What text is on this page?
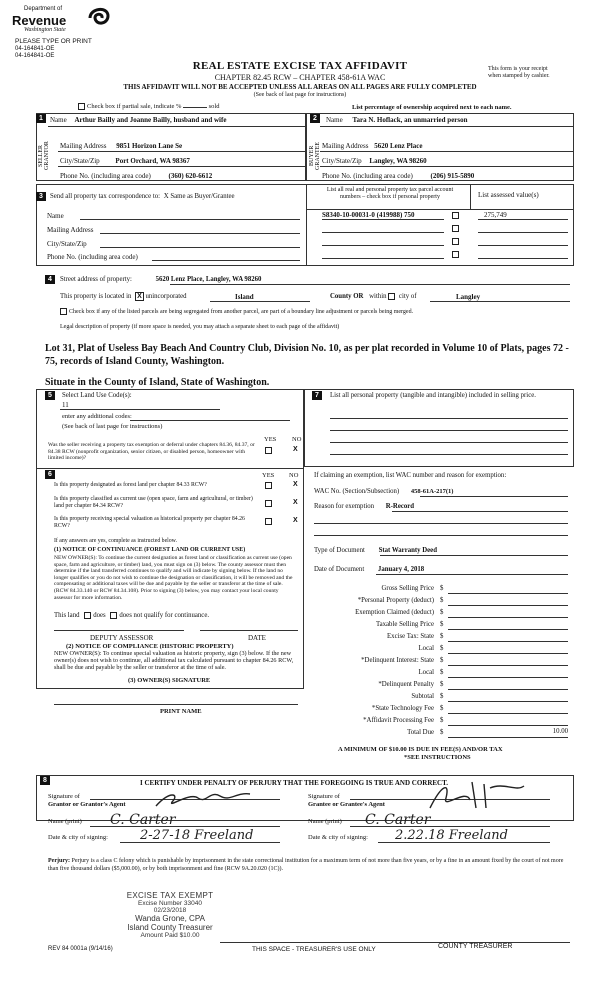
Department of
Revenue
Washington State
PLEASE TYPE OR PRINT
04-164841-OE
04-164841-OE
REAL ESTATE EXCISE TAX AFFIDAVIT
CHAPTER 82.45 RCW – CHAPTER 458-61A WAC
THIS AFFIDAVIT WILL NOT BE ACCEPTED UNLESS ALL AREAS ON ALL PAGES ARE FULLY COMPLETED
(See back of last page for instructions)
This form is your receipt
when stamped by cashier.
Check box if partial sale, indicate %	sold	List percentage of ownership acquired next to each name.
1
SELLER GRANTOR
Name Arthur Bailly and Joanne Bailly, husband and wife
Mailing Address 9851 Horizon Lane Se
City/State/Zip Port Orchard, WA 98367
Phone No. (including area code)	(360) 620-6612
2
BUYER GRANTEE
Name Tara N. Hoflack, an unmarried person
Mailing Address 5620 Lenz Place
City/State/Zip Langley, WA 98260
Phone No. (including area code)	(206) 915-5890
3	Send all property tax correspondence to: X Same as Buyer/Grantee
Name
Mailing Address
City/State/Zip
Phone No. (including area code)
List all real and personal property tax parcel account
numbers – check box if personal property	List assessed value(s)
S8340-10-00031-0 (419988) 750	275,749
4	Street address of property:	5620 Lenz Place, Langley, WA 98260
This property is located in X unincorporated	Island	County OR within city of	Langley
Check box if any of the listed parcels are being segregated from another parcel, are part of a boundary line adjustment or parcels being merged.
Legal description of property (if more space is needed, you may attach a separate sheet to each page of the affidavit)
Lot 31, Plat of Useless Bay Beach And Country Club, Division No. 10, as per plat recorded in Volume 10 of Plats, pages 72 - 75, records of Island County, Washington.
Situate in the County of Island, State of Washington.
5	Select Land Use Code(s):
11
enter any additional codes:
(See back of last page for instructions)
YES NO
Was the seller receiving a property tax exemption or deferral under chapters 84.36, 84.37, or 84.38 RCW (nonprofit organization, senior citizen, or disabled person, homeowner with limited income)?
X
6	YES NO
Is this property designated as forest land per chapter 84.33 RCW?	X
Is this property classified as current use (open space, farm and agricultural, or timber) land per chapter 84.34 RCW?	X
Is this property receiving special valuation as historical property per chapter 84.26 RCW?
X
If any answers are yes, complete as instructed below.
(1) NOTICE OF CONTINUANCE (FOREST LAND OR CURRENT USE)
NEW OWNER(S): To continue the current designation as forest land or classification as current use (open space, farm and agriculture, or timber) land, you must sign on (3) below. The county assessor must then determine if the land transferred continues to qualify and will indicate by signing below. If the land no longer qualifies or you do not wish to continue the designation or classification, it will be removed and the compensating or additional taxes will be due and payable by the seller or transferor at the time of sale. (RCW 84.33.140 or RCW 84.34.108). Prior to signing (3) below, you may contact your local county assessor for more information.
This land does does not qualify for continuance.
DEPUTY ASSESSOR	DATE
(2) NOTICE OF COMPLIANCE (HISTORIC PROPERTY)
NEW OWNER(S): To continue special valuation as historic property, sign (3) below. If the new owner(s) does not wish to continue, all additional tax calculated pursuant to chapter 84.26 RCW, shall be due and payable by the seller or transferor at the time of sale.
(3) OWNER(S) SIGNATURE
PRINT NAME
7	List all personal property (tangible and intangible) included in selling price.
If claiming an exemption, list WAC number and reason for exemption:
WAC No. (Section/Subsection) 458-61A-217(1)
Reason for exemption R-Record
Type of Document Stat Warranty Deed
Date of Document January 4, 2018
Gross Selling Price $
*Personal Property (deduct) $
Exemption Claimed (deduct) $
Taxable Selling Price $
Excise Tax: State $
Local $
*Delinquent Interest: State $
Local $
*Delinquent Penalty $
Subtotal $
*State Technology Fee $
*Affidavit Processing Fee $
Total Due $	10.00
A MINIMUM OF $10.00 IS DUE IN FEE(S) AND/OR TAX
*SEE INSTRUCTIONS
8	I CERTIFY UNDER PENALTY OF PERJURY THAT THE FOREGOING IS TRUE AND CORRECT.
Signature of
Grantor or Grantor's Agent
Name (print) C. Carter
Date & city of signing: 2-27-18 Freeland
Signature of
Grantee or Grantee's Agent
Name (print) C. Carter
Date & city of signing: 2.22.18 Freeland
Perjury: Perjury is a class C felony which is punishable by imprisonment in the state correctional institution for a maximum term of not more than five years, or by a fine in an amount fixed by the court of not more than five thousand dollars ($5,000.00), or by both imprisonment and fine (RCW 9A.20.020 (1C)).
EXCISE TAX EXEMPT
Excise Number 33040
02/23/2018
Wanda Grone, CPA
Island County Treasurer
Amount Paid $10.00
REV 84 0001a (9/14/16)	THIS SPACE - TREASURER'S USE ONLY	COUNTY TREASURER
